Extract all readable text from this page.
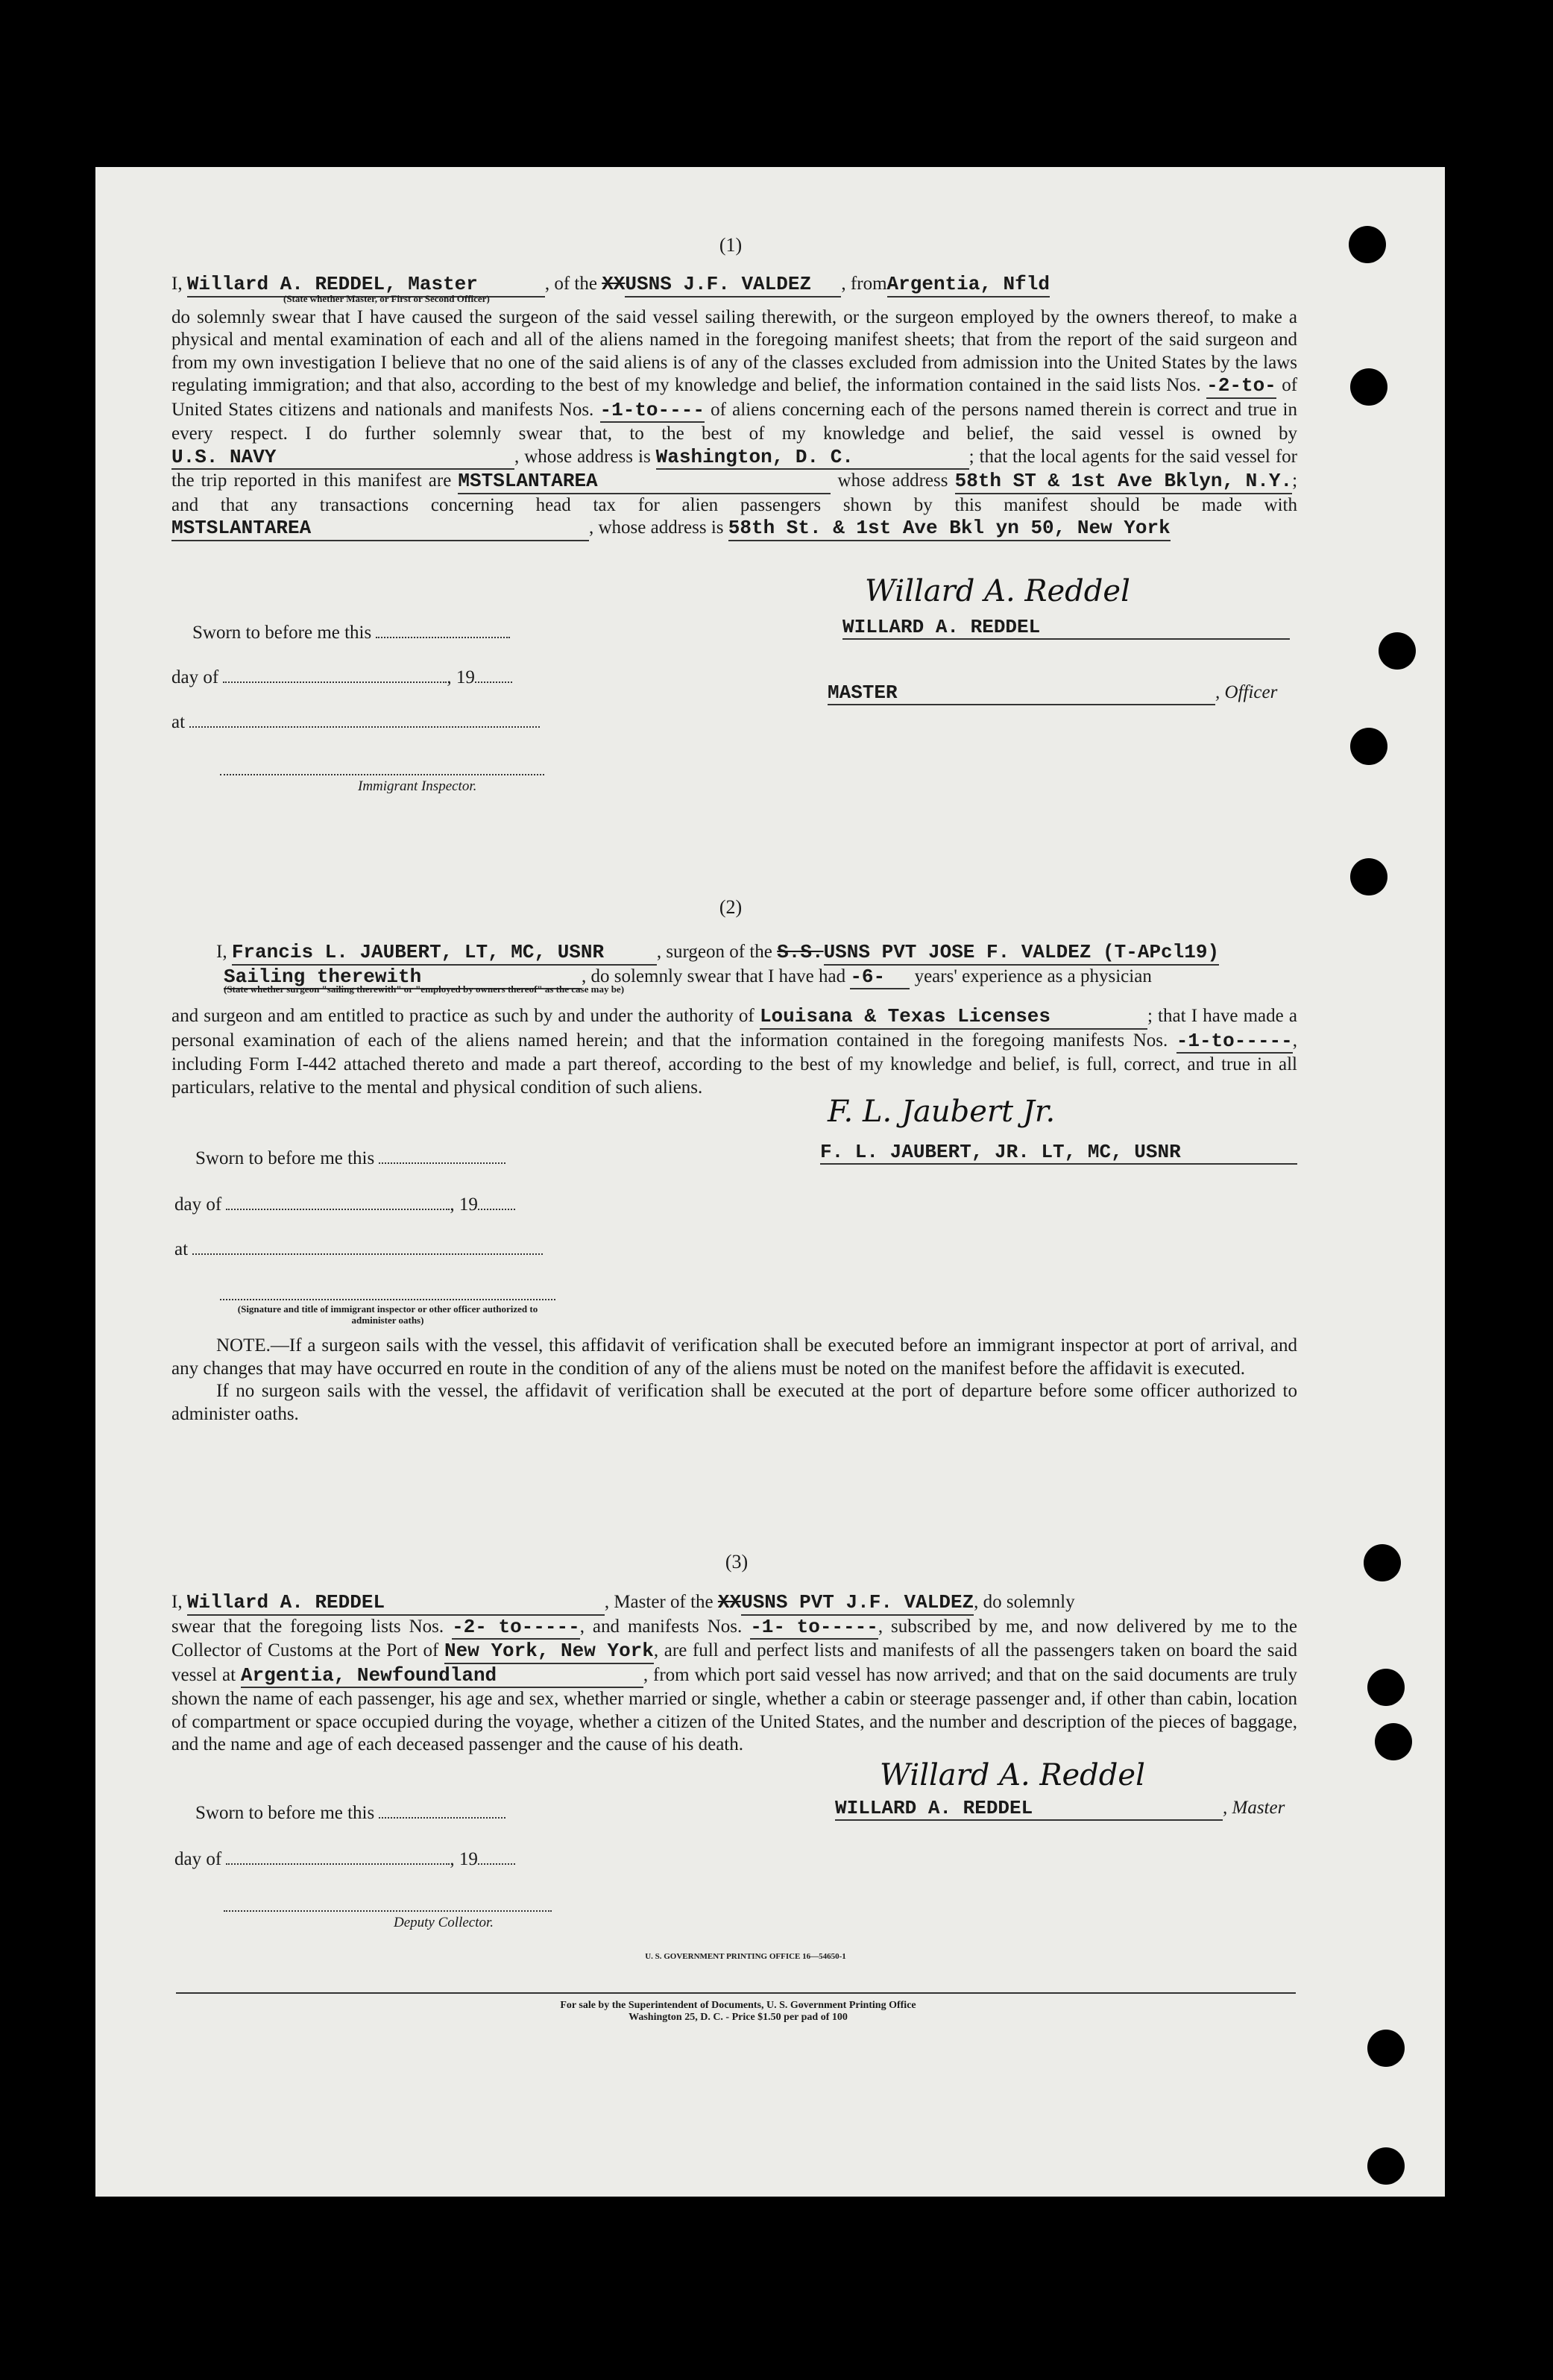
(1)
I, Willard A. REDDEL, Master	, of the XXUSNS J.F. VALDEZ , fromArgentia, Nfld
(State whether Master, or First or Second Officer)
do solemnly swear that I have caused the surgeon of the said vessel sailing therewith, or the surgeon employed by the owners thereof, to make a physical and mental examination of each and all of the aliens named in the foregoing manifest sheets; that from the report of the said surgeon and from my own investigation I believe that no one of the said aliens is of any of the classes excluded from admission into the United States by the laws regulating immigration; and that also, according to the best of my knowledge and belief, the information contained in the said lists Nos. -2-to- of United States citizens and nationals and manifests Nos. -1-to---- of aliens concerning each of the persons named therein is correct and true in every respect. I do further solemnly swear that, to the best of my knowledge and belief, the said vessel is owned by U.S. NAVY	, whose address is Washington, D. C.	; that the local agents for the said vessel for the trip reported in this manifest are MSTSLANTAREA	whose address 58th ST & 1st Ave Bklyn, N.Y.; and that any transactions concerning head tax for alien passengers shown by this manifest should be made with MSTSLANTAREA	, whose address is 58th St. & 1st Ave Bkl yn 50, New York
Willard A. Reddel
WILLARD A. REDDEL
MASTER	, Officer
Sworn to before me this
day of	, 19
at
Immigrant Inspector.
(2)
I, Francis L. JAUBERT, LT, MC, USNR	, surgeon of the S.S.USNS PVT JOSE F. VALDEZ (T-APcl19)
Sailing therewith	, do solemnly swear that I have had -6- years' experience as a physician
(State whether surgeon "sailing therewith" or "employed by owners thereof" as the case may be)
and surgeon and am entitled to practice as such by and under the authority of Louisana & Texas Licenses	; that I have made a personal examination of each of the aliens named herein; and that the information contained in the foregoing manifests Nos. -1-to-----, including Form I-442 attached thereto and made a part thereof, according to the best of my knowledge and belief, is full, correct, and true in all particulars, relative to the mental and physical condition of such aliens.
F. L. Jaubert Jr.
F. L. JAUBERT, JR. LT, MC, USNR
Sworn to before me this
day of	, 19
at
(Signature and title of immigrant inspector or other officer authorized to administer oaths)
NOTE.—If a surgeon sails with the vessel, this affidavit of verification shall be executed before an immigrant inspector at port of arrival, and any changes that may have occurred en route in the condition of any of the aliens must be noted on the manifest before the affidavit is executed.
If no surgeon sails with the vessel, the affidavit of verification shall be executed at the port of departure before some officer authorized to administer oaths.
(3)
I, Willard A. REDDEL	, Master of the XXUSNS PVT J.F. VALDEZ, do solemnly
swear that the foregoing lists Nos. -2- to-----, and manifests Nos. -1- to-----, subscribed by me, and now delivered by me to the Collector of Customs at the Port of New York, New York, are full and perfect lists and manifests of all the passengers taken on board the said vessel at Argentia, Newfoundland	, from which port said vessel has now arrived; and that on the said documents are truly shown the name of each passenger, his age and sex, whether married or single, whether a cabin or steerage passenger and, if other than cabin, location of compartment or space occupied during the voyage, whether a citizen of the United States, and the number and description of the pieces of baggage, and the name and age of each deceased passenger and the cause of his death.
Willard A. Reddel
WILLARD A. REDDEL	, Master
Sworn to before me this
day of	, 19
Deputy Collector.
U. S. GOVERNMENT PRINTING OFFICE 16—54650-1
For sale by the Superintendent of Documents, U. S. Government Printing Office
Washington 25, D. C. - Price $1.50 per pad of 100
